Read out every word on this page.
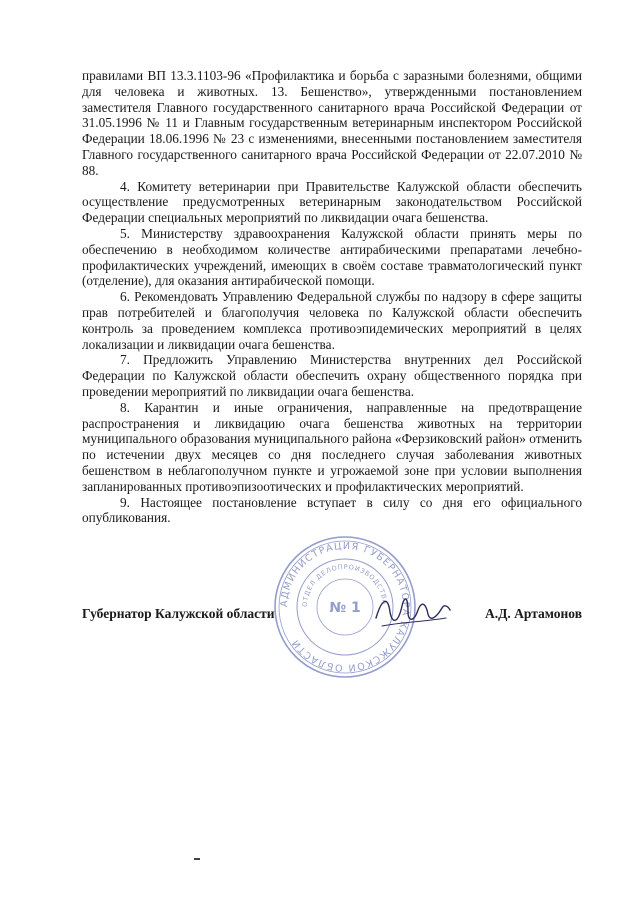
правилами ВП 13.3.1103-96 «Профилактика и борьба с заразными болезнями, общими для человека и животных. 13. Бешенство», утвержденными постановлением заместителя Главного государственного санитарного врача Российской Федерации от 31.05.1996 № 11 и Главным государственным ветеринарным инспектором Российской Федерации 18.06.1996 № 23 с изменениями, внесенными постановлением заместителя Главного государственного санитарного врача Российской Федерации от 22.07.2010 № 88.

4. Комитету ветеринарии при Правительстве Калужской области обеспечить осуществление предусмотренных ветеринарным законодательством Российской Федерации специальных мероприятий по ликвидации очага бешенства.

5. Министерству здравоохранения Калужской области принять меры по обеспечению в необходимом количестве антирабическими препаратами лечебно-профилактических учреждений, имеющих в своём составе травматологический пункт (отделение), для оказания антирабической помощи.

6. Рекомендовать Управлению Федеральной службы по надзору в сфере защиты прав потребителей и благополучия человека по Калужской области обеспечить контроль за проведением комплекса противоэпидемических мероприятий в целях локализации и ликвидации очага бешенства.

7. Предложить Управлению Министерства внутренних дел Российской Федерации по Калужской области обеспечить охрану общественного порядка при проведении мероприятий по ликвидации очага бешенства.

8. Карантин и иные ограничения, направленные на предотвращение распространения и ликвидацию очага бешенства животных на территории муниципального образования муниципального района «Ферзиковский район» отменить по истечении двух месяцев со дня последнего случая заболевания животных бешенством в неблагополучном пункте и угрожаемой зоне при условии выполнения запланированных противоэпизоотических и профилактических мероприятий.

9. Настоящее постановление вступает в силу со дня его официального опубликования.

АДМИНИСТРАЦИЯ ГУБЕРНАТОРА КАЛУЖСКОЙ ОБЛАСТИ
ОТДЕЛ ДЕЛОПРОИЗВОДСТВА
№ 1
Губернатор Калужской области	А.Д. Артамонов
